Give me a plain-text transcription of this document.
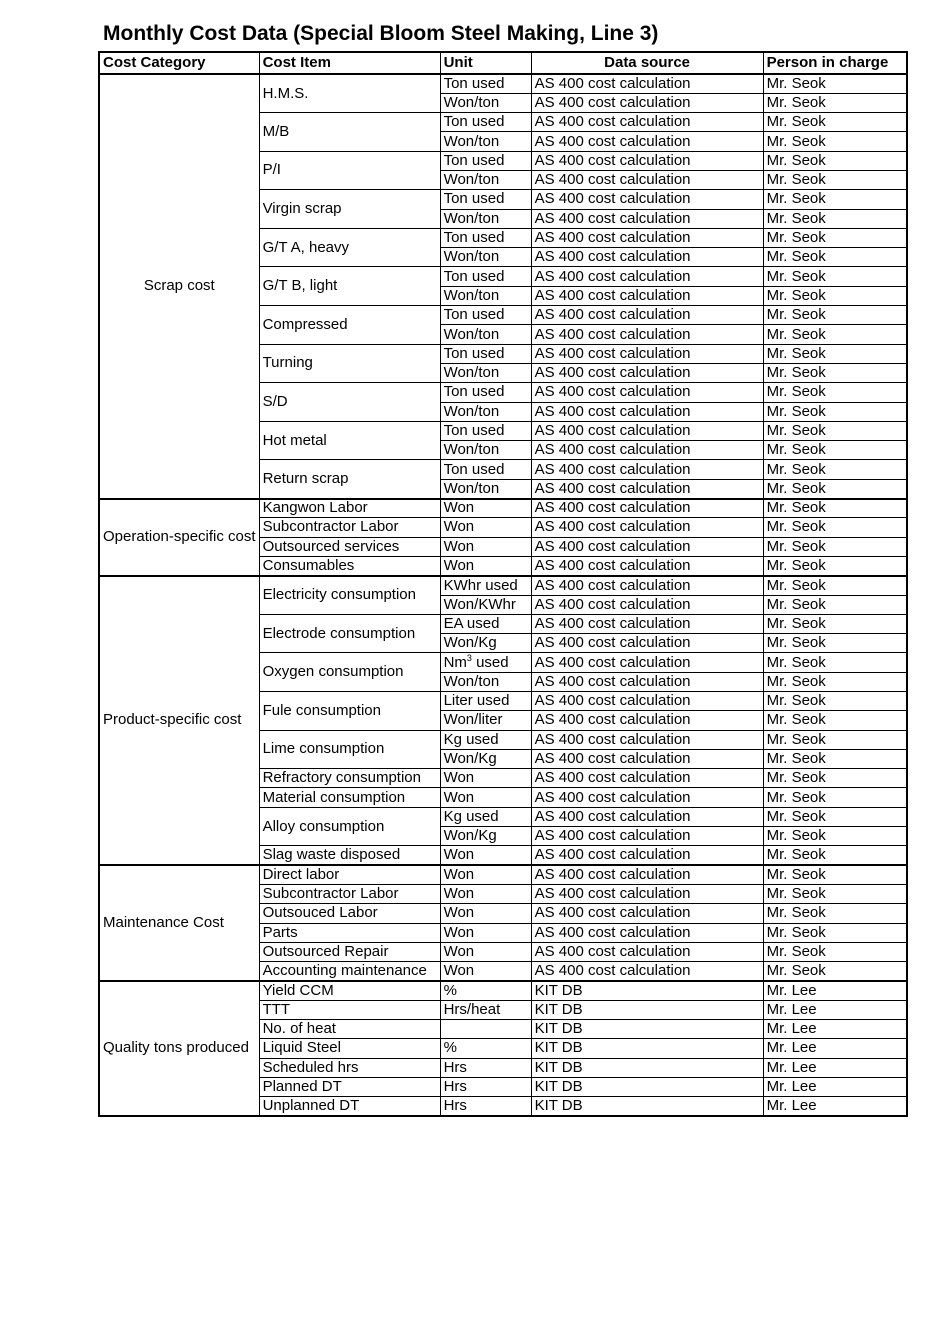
Monthly Cost Data (Special Bloom Steel Making, Line 3)
Cost Category	Cost Item	Unit	Data source	Person in charge
Scrap cost	H.M.S.	Ton used	AS 400 cost calculation	Mr. Seok
		Won/ton	AS 400 cost calculation	Mr. Seok
	M/B	Ton used	AS 400 cost calculation	Mr. Seok
		Won/ton	AS 400 cost calculation	Mr. Seok
	P/I	Ton used	AS 400 cost calculation	Mr. Seok
		Won/ton	AS 400 cost calculation	Mr. Seok
	Virgin scrap	Ton used	AS 400 cost calculation	Mr. Seok
		Won/ton	AS 400 cost calculation	Mr. Seok
	G/T A, heavy	Ton used	AS 400 cost calculation	Mr. Seok
		Won/ton	AS 400 cost calculation	Mr. Seok
	G/T B, light	Ton used	AS 400 cost calculation	Mr. Seok
		Won/ton	AS 400 cost calculation	Mr. Seok
	Compressed	Ton used	AS 400 cost calculation	Mr. Seok
		Won/ton	AS 400 cost calculation	Mr. Seok
	Turning	Ton used	AS 400 cost calculation	Mr. Seok
		Won/ton	AS 400 cost calculation	Mr. Seok
	S/D	Ton used	AS 400 cost calculation	Mr. Seok
		Won/ton	AS 400 cost calculation	Mr. Seok
	Hot metal	Ton used	AS 400 cost calculation	Mr. Seok
		Won/ton	AS 400 cost calculation	Mr. Seok
	Return scrap	Ton used	AS 400 cost calculation	Mr. Seok
		Won/ton	AS 400 cost calculation	Mr. Seok
Operation-specific cost	Kangwon Labor	Won	AS 400 cost calculation	Mr. Seok
	Subcontractor Labor	Won	AS 400 cost calculation	Mr. Seok
	Outsourced services	Won	AS 400 cost calculation	Mr. Seok
	Consumables	Won	AS 400 cost calculation	Mr. Seok
Product-specific cost	Electricity consumption	KWhr used	AS 400 cost calculation	Mr. Seok
		Won/KWhr	AS 400 cost calculation	Mr. Seok
	Electrode consumption	EA used	AS 400 cost calculation	Mr. Seok
		Won/Kg	AS 400 cost calculation	Mr. Seok
	Oxygen consumption	Nm$^3$ used	AS 400 cost calculation	Mr. Seok
		Won/ton	AS 400 cost calculation	Mr. Seok
	Fule consumption	Liter used	AS 400 cost calculation	Mr. Seok
		Won/liter	AS 400 cost calculation	Mr. Seok
	Lime consumption	Kg used	AS 400 cost calculation	Mr. Seok
		Won/Kg	AS 400 cost calculation	Mr. Seok
	Refractory consumption	Won	AS 400 cost calculation	Mr. Seok
	Material consumption	Won	AS 400 cost calculation	Mr. Seok
	Alloy consumption	Kg used	AS 400 cost calculation	Mr. Seok
		Won/Kg	AS 400 cost calculation	Mr. Seok
	Slag waste disposed	Won	AS 400 cost calculation	Mr. Seok
Maintenance Cost	Direct labor	Won	AS 400 cost calculation	Mr. Seok
	Subcontractor Labor	Won	AS 400 cost calculation	Mr. Seok
	Outsouced Labor	Won	AS 400 cost calculation	Mr. Seok
	Parts	Won	AS 400 cost calculation	Mr. Seok
	Outsourced Repair	Won	AS 400 cost calculation	Mr. Seok
	Accounting maintenance	Won	AS 400 cost calculation	Mr. Seok
Quality tons produced	Yield CCM	%	KIT DB	Mr. Lee
	TTT	Hrs/heat	KIT DB	Mr. Lee
	No. of heat		KIT DB	Mr. Lee
	Liquid Steel	%	KIT DB	Mr. Lee
	Scheduled hrs	Hrs	KIT DB	Mr. Lee
	Planned DT	Hrs	KIT DB	Mr. Lee
	Unplanned DT	Hrs	KIT DB	Mr. Lee
